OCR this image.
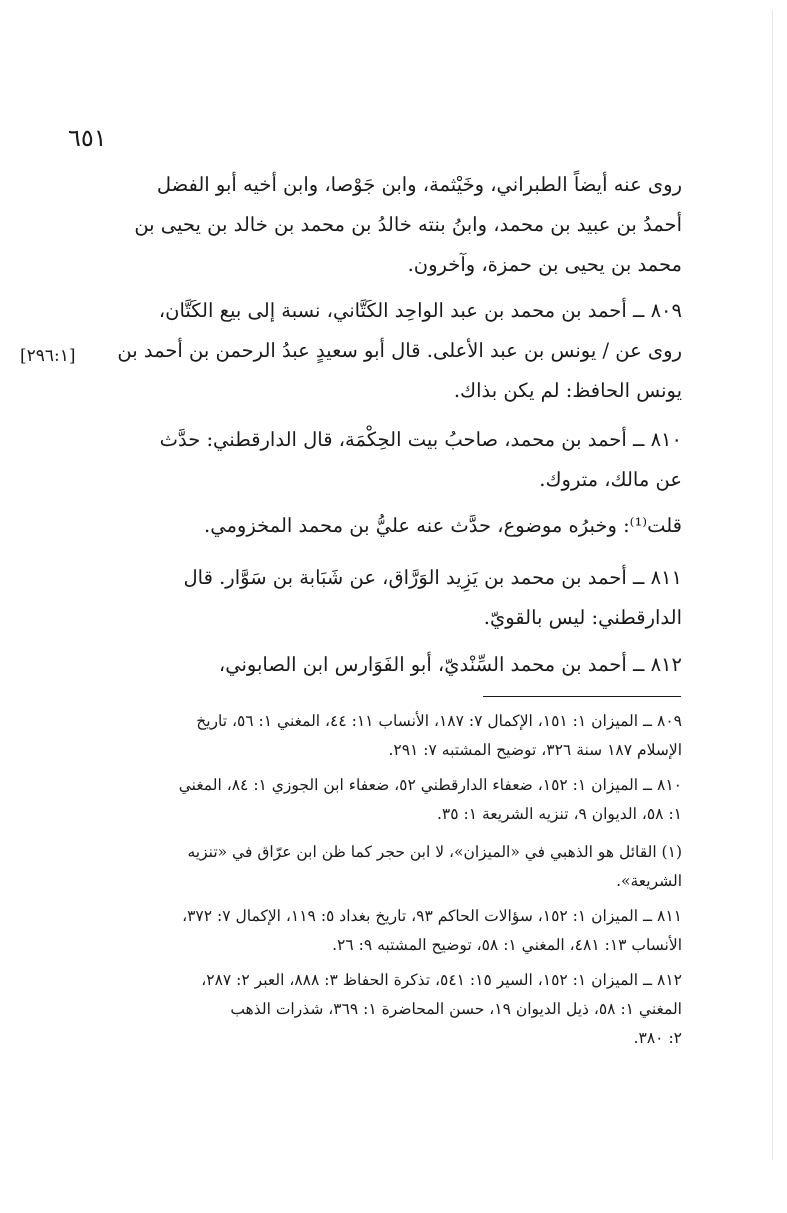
٦٥١
روى عنه أيضاً الطبراني، وخَيْثمة، وابن جَوْصا، وابن أخيه أبو الفضل
أحمدُ بن عبيد بن محمد، وابنُ بنته خالدُ بن محمد بن خالد بن يحيى بن
محمد بن يحيى بن حمزة، وآخرون.
٨٠٩ ــ أحمد بن محمد بن عبد الواحِد الكَتَّاني، نسبة إلى بيع الكَتَّان،
روى عن / يونس بن عبد الأعلى. قال أبو سعيدٍ عبدُ الرحمن بن أحمد بن
يونس الحافظ: لم يكن بذاك.
[٢٩٦:١]
٨١٠ ــ أحمد بن محمد، صاحبُ بيت الحِكْمَة، قال الدارقطني: حدَّث
عن مالك، متروك.
قلت⁽¹⁾: وخبرُه موضوع، حدَّث عنه عليُّ بن محمد المخزومي.
٨١١ ــ أحمد بن محمد بن يَزِيد الوَرَّاق، عن شَبَابة بن سَوَّار. قال
الدارقطني: ليس بالقويّ.
٨١٢ ــ أحمد بن محمد السِّنْديّ، أبو الفَوَارس ابن الصابوني،
٨٠٩ ــ الميزان ١: ١٥١، الإكمال ٧: ١٨٧، الأنساب ١١: ٤٤، المغني ١: ٥٦، تاريخ
الإسلام ١٨٧ سنة ٣٢٦، توضيح المشتبه ٧: ٢٩١.
٨١٠ ــ الميزان ١: ١٥٢، ضعفاء الدارقطني ٥٢، ضعفاء ابن الجوزي ١: ٨٤، المغني
١: ٥٨، الديوان ٩، تنزيه الشريعة ١: ٣٥.
(١) القائل هو الذهبي في «الميزان»، لا ابن حجر كما ظن ابن عرّاق في «تنزيه
الشريعة».
٨١١ ــ الميزان ١: ١٥٢، سؤالات الحاكم ٩٣، تاريخ بغداد ٥: ١١٩، الإكمال ٧: ٣٧٢،
الأنساب ١٣: ٤٨١، المغني ١: ٥٨، توضيح المشتبه ٩: ٢٦.
٨١٢ ــ الميزان ١: ١٥٢، السير ١٥: ٥٤١، تذكرة الحفاظ ٣: ٨٨٨، العبر ٢: ٢٨٧،
المغني ١: ٥٨، ذيل الديوان ١٩، حسن المحاضرة ١: ٣٦٩، شذرات الذهب
٢: ٣٨٠.
